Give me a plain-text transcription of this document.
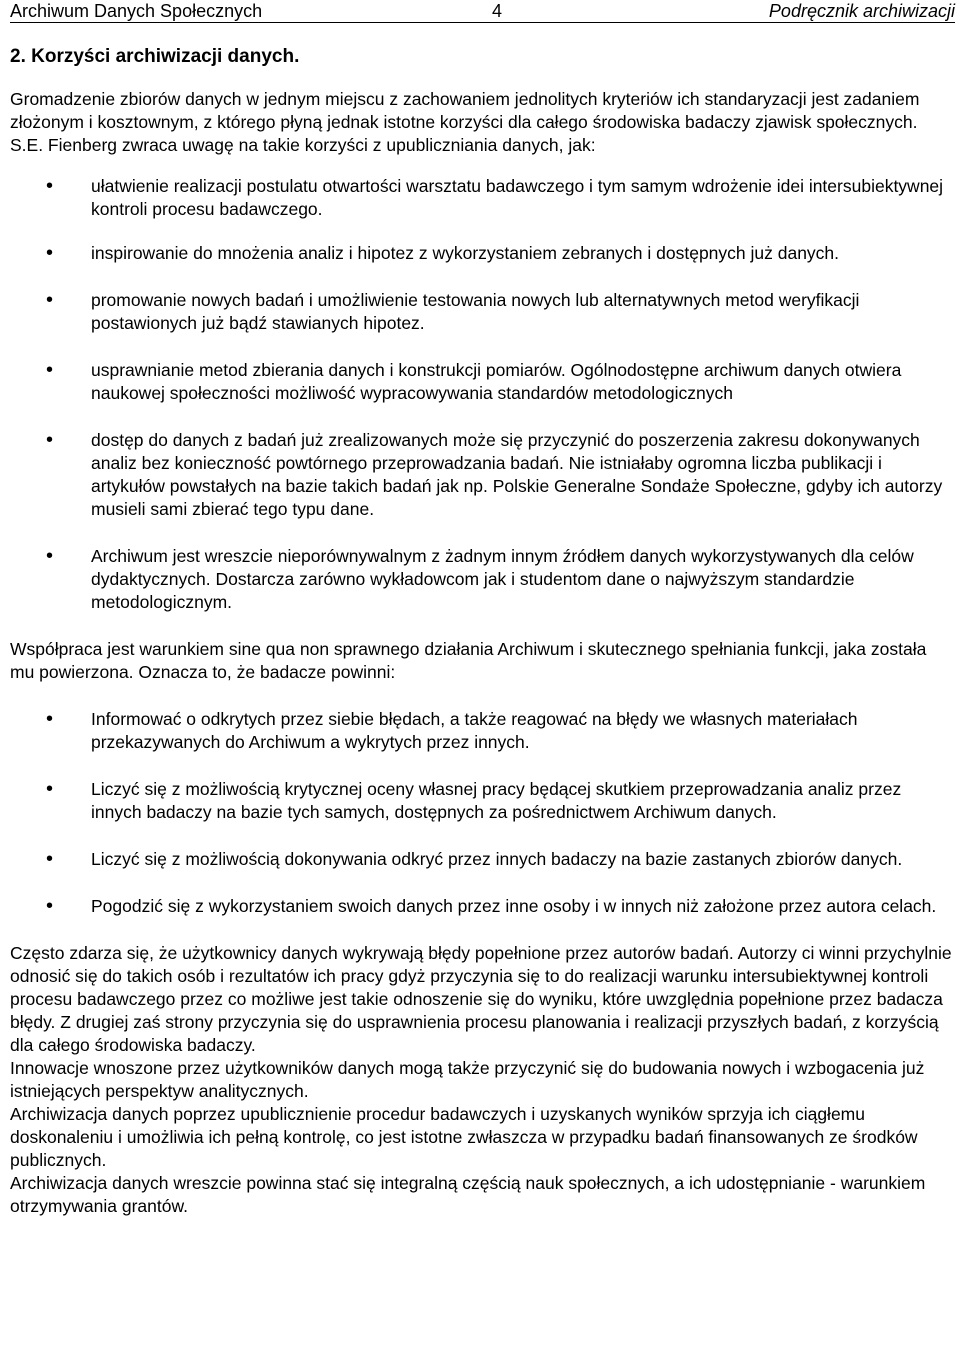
Archiwum Danych Społecznych	4	Podręcznik archiwizacji
2. Korzyści archiwizacji danych.

Gromadzenie zbiorów danych w jednym miejscu z zachowaniem jednolitych kryteriów ich standaryzacji jest zadaniem złożonym i kosztownym, z którego płyną jednak istotne korzyści dla całego środowiska badaczy zjawisk społecznych.

S.E. Fienberg zwraca uwagę na takie korzyści z upubliczniania danych, jak:

• ułatwienie realizacji postulatu otwartości warsztatu badawczego i tym samym wdrożenie idei intersubiektywnej kontroli procesu badawczego.
• inspirowanie do mnożenia analiz i hipotez z wykorzystaniem zebranych i dostępnych już danych.
• promowanie nowych badań i umożliwienie testowania nowych lub alternatywnych metod weryfikacji postawionych już bądź stawianych hipotez.
• usprawnianie metod zbierania danych i konstrukcji pomiarów. Ogólnodostępne archiwum danych otwiera naukowej społeczności możliwość wypracowywania standardów metodologicznych
• dostęp do danych z badań już zrealizowanych może się przyczynić do poszerzenia zakresu dokonywanych analiz bez konieczność powtórnego przeprowadzania badań. Nie istniałaby ogromna liczba publikacji i artykułów powstałych na bazie takich badań jak np. Polskie Generalne Sondaże Społeczne, gdyby ich autorzy musieli sami zbierać tego typu dane.
• Archiwum jest wreszcie nieporównywalnym z żadnym innym źródłem danych wykorzystywanych dla celów dydaktycznych. Dostarcza zarówno wykładowcom jak i studentom dane o najwyższym standardzie metodologicznym.

Współpraca jest warunkiem sine qua non sprawnego działania Archiwum i skutecznego spełniania funkcji, jaka została mu powierzona. Oznacza to, że badacze powinni:

• Informować o odkrytych przez siebie błędach, a także reagować na błędy we własnych materiałach przekazywanych do Archiwum a wykrytych przez innych.
• Liczyć się z możliwością krytycznej oceny własnej pracy będącej skutkiem przeprowadzania analiz przez innych badaczy na bazie tych samych, dostępnych za pośrednictwem Archiwum danych.
• Liczyć się z możliwością dokonywania odkryć przez innych badaczy na bazie zastanych zbiorów danych.
• Pogodzić się z wykorzystaniem swoich danych przez inne osoby i w innych niż założone przez autora celach.

Często zdarza się, że użytkownicy danych wykrywają błędy popełnione przez autorów badań. Autorzy ci winni przychylnie odnosić się do takich osób i rezultatów ich pracy gdyż przyczynia się to do realizacji warunku intersubiektywnej kontroli procesu badawczego przez co możliwe jest takie odnoszenie się do wyniku, które uwzględnia popełnione przez badacza błędy. Z drugiej zaś strony przyczynia się do usprawnienia procesu planowania i realizacji przyszłych badań, z korzyścią dla całego środowiska badaczy.

Innowacje wnoszone przez użytkowników danych mogą także przyczynić się do budowania nowych i wzbogacenia już istniejących perspektyw analitycznych.

Archiwizacja danych poprzez upublicznienie procedur badawczych i uzyskanych wyników sprzyja ich ciągłemu doskonaleniu i umożliwia ich pełną kontrolę, co jest istotne zwłaszcza w przypadku badań finansowanych ze środków publicznych.

Archiwizacja danych wreszcie powinna stać się integralną częścią nauk społecznych, a ich udostępnianie - warunkiem otrzymywania grantów.
